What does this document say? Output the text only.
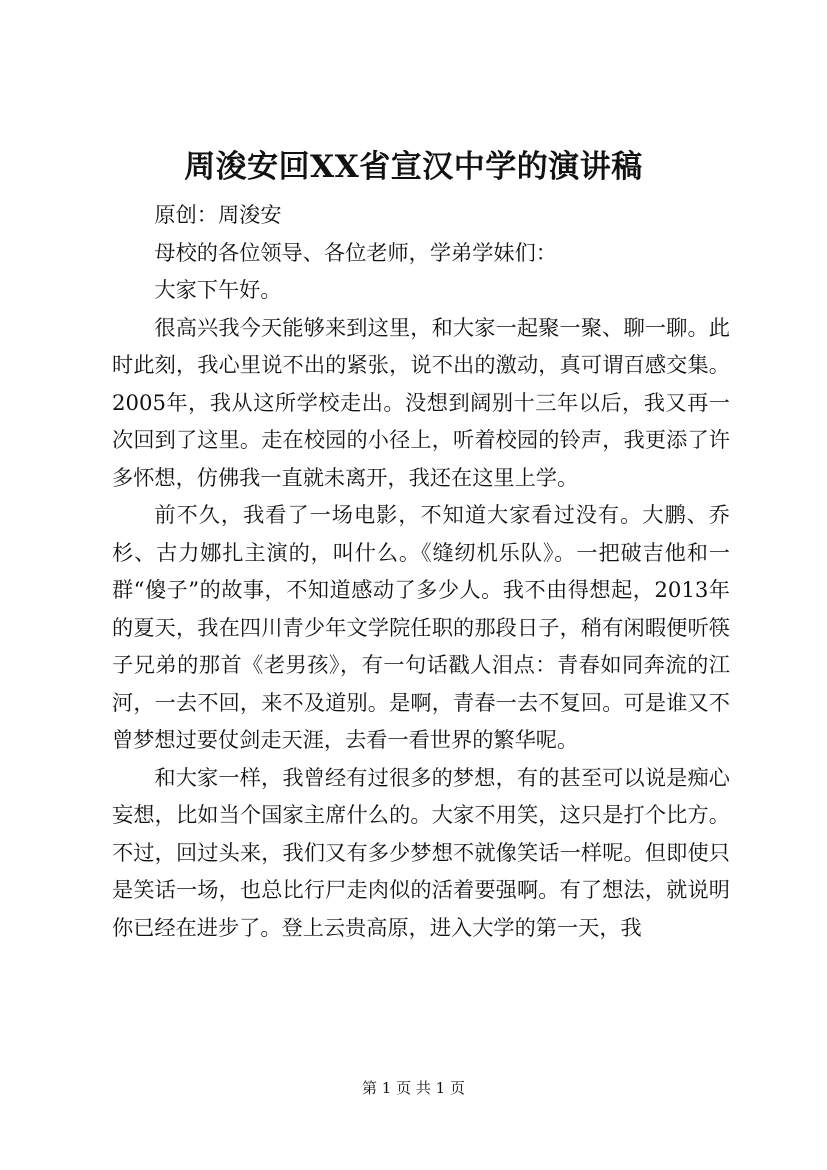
周浚安回XX省宣汉中学的演讲稿

原创：周浚安

母校的各位领导、各位老师，学弟学妹们：

大家下午好。

很高兴我今天能够来到这里，和大家一起聚一聚、聊一聊。此时此刻，我心里说不出的紧张，说不出的激动，真可谓百感交集。2005年，我从这所学校走出。没想到阔别十三年以后，我又再一次回到了这里。走在校园的小径上，听着校园的铃声，我更添了许多怀想，仿佛我一直就未离开，我还在这里上学。

前不久，我看了一场电影，不知道大家看过没有。大鹏、乔杉、古力娜扎主演的，叫什么。《缝纫机乐队》。一把破吉他和一群“傻子”的故事，不知道感动了多少人。我不由得想起，2013年的夏天，我在四川青少年文学院任职的那段日子，稍有闲暇便听筷子兄弟的那首《老男孩》，有一句话戳人泪点：青春如同奔流的江河，一去不回，来不及道别。是啊，青春一去不复回。可是谁又不曾梦想过要仗剑走天涯，去看一看世界的繁华呢。

和大家一样，我曾经有过很多的梦想，有的甚至可以说是痴心妄想，比如当个国家主席什么的。大家不用笑，这只是打个比方。不过，回过头来，我们又有多少梦想不就像笑话一样呢。但即使只是笑话一场，也总比行尸走肉似的活着要强啊。有了想法，就说明你已经在进步了。登上云贵高原，进入大学的第一天，我

第 1 页 共 1 页
